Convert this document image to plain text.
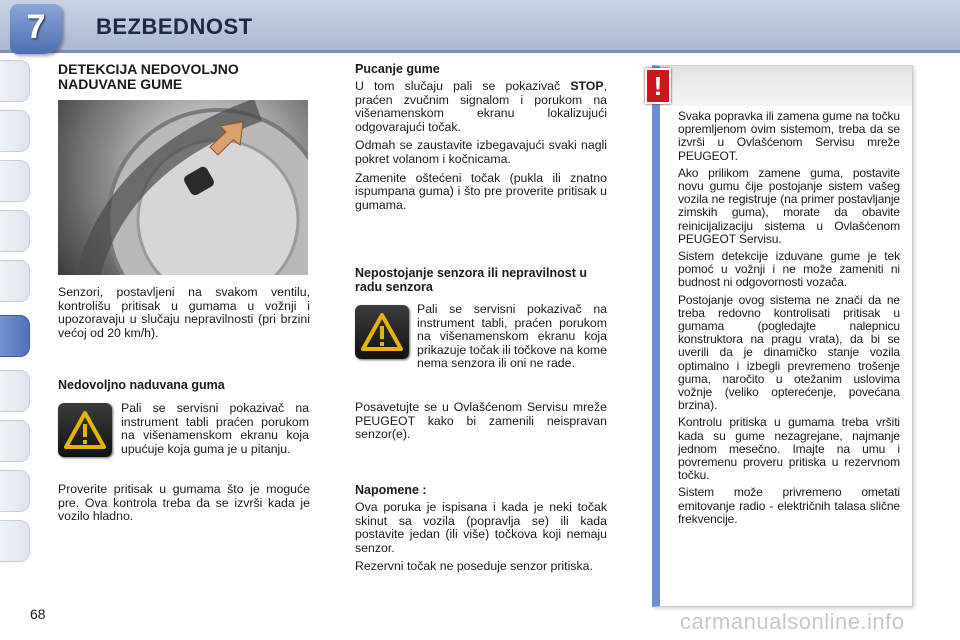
7	BEZBEDNOST
DETEKCIJA NEDOVOLJNO NADUVANE GUME

Senzori, postavljeni na svakom ventilu, kontrolišu pritisak u gumama u vožnji i upozoravaju u slučaju nepravilnosti (pri brzini većoj od 20 km/h).

Nedovoljno naduvana guma

Pali se servisni pokazivač na instrument tabli praćen porukom na višenamenskom ekranu koja upućuje koja guma je u pitanju.

Proverite pritisak u gumama što je moguće pre. Ova kontrola treba da se izvrši kada je vozilo hladno.

Pucanje gume

U tom slučaju pali se pokazivač STOP, praćen zvučnim signalom i porukom na višenamenskom ekranu lokalizujući odgovarajući točak.

Odmah se zaustavite izbegavajući svaki nagli pokret volanom i kočnicama.

Zamenite oštećeni točak (pukla ili znatno ispumpana guma) i što pre proverite pritisak u gumama.

Nepostojanje senzora ili nepravilnost u radu senzora

Pali se servisni pokazivač na instrument tabli, praćen porukom na višenamenskom ekranu koja prikazuje točak ili točkove na kome nema senzora ili oni ne rade.

Posavetujte se u Ovlašćenom Servisu mreže PEUGEOT kako bi zamenili neispravan senzor(e).

Napomene :

Ova poruka je ispisana i kada je neki točak skinut sa vozila (popravlja se) ili kada postavite jedan (ili više) točkova koji nemaju senzor.

Rezervni točak ne poseduje senzor pritiska.

!

Svaka popravka ili zamena gume na točku opremljenom ovim sistemom, treba da se izvrši u Ovlašćenom Servisu mreže PEUGEOT.

Ako prilikom zamene guma, postavite novu gumu čije postojanje sistem vašeg vozila ne registruje (na primer postavljanje zimskih guma), morate da obavite reinicijalizaciju sistema u Ovlašćenom PEUGEOT Servisu.

Sistem detekcije izduvane gume je tek pomoć u vožnji i ne može zameniti ni budnost ni odgovornosti vozača.

Postojanje ovog sistema ne znači da ne treba redovno kontrolisati pritisak u gumama (pogledajte nalepnicu konstruktora na pragu vrata), da bi se uverili da je dinamičko stanje vozila optimalno i izbegli prevremeno trošenje guma, naročito u otežanim uslovima vožnje (veliko opterećenje, povećana brzina).

Kontrolu pritiska u gumama treba vršiti kada su gume nezagrejane, najmanje jednom mesečno. Imajte na umu i povremenu proveru pritiska u rezervnom točku.

Sistem može privremeno ometati emitovanje radio - električnih talasa slične frekvencije.

68	carmanualsonline.info
